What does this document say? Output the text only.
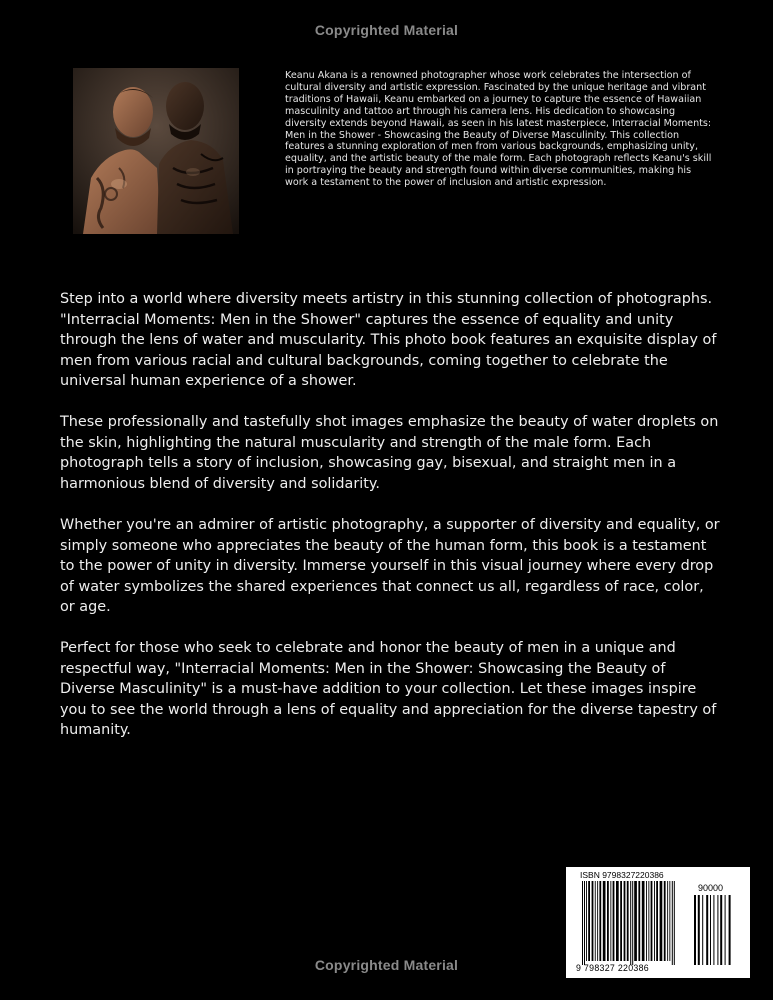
Copyrighted Material

Keanu Akana is a renowned photographer whose work celebrates the intersection of cultural diversity and artistic expression. Fascinated by the unique heritage and vibrant traditions of Hawaii, Keanu embarked on a journey to capture the essence of Hawaiian masculinity and tattoo art through his camera lens. His dedication to showcasing diversity extends beyond Hawaii, as seen in his latest masterpiece, Interracial Moments: Men in the Shower - Showcasing the Beauty of Diverse Masculinity. This collection features a stunning exploration of men from various backgrounds, emphasizing unity, equality, and the artistic beauty of the male form. Each photograph reflects Keanu's skill in portraying the beauty and strength found within diverse communities, making his work a testament to the power of inclusion and artistic expression.

Step into a world where diversity meets artistry in this stunning collection of photographs. "Interracial Moments: Men in the Shower" captures the essence of equality and unity through the lens of water and muscularity. This photo book features an exquisite display of men from various racial and cultural backgrounds, coming together to celebrate the universal human experience of a shower.

These professionally and tastefully shot images emphasize the beauty of water droplets on the skin, highlighting the natural muscularity and strength of the male form. Each photograph tells a story of inclusion, showcasing gay, bisexual, and straight men in a harmonious blend of diversity and solidarity.

Whether you're an admirer of artistic photography, a supporter of diversity and equality, or simply someone who appreciates the beauty of the human form, this book is a testament to the power of unity in diversity. Immerse yourself in this visual journey where every drop of water symbolizes the shared experiences that connect us all, regardless of race, color, or age.

Perfect for those who seek to celebrate and honor the beauty of men in a unique and respectful way, "Interracial Moments: Men in the Shower: Showcasing the Beauty of Diverse Masculinity" is a must-have addition to your collection. Let these images inspire you to see the world through a lens of equality and appreciation for the diverse tapestry of humanity.

ISBN 9798327220386
90000
9 798327 220386
Copyrighted Material
